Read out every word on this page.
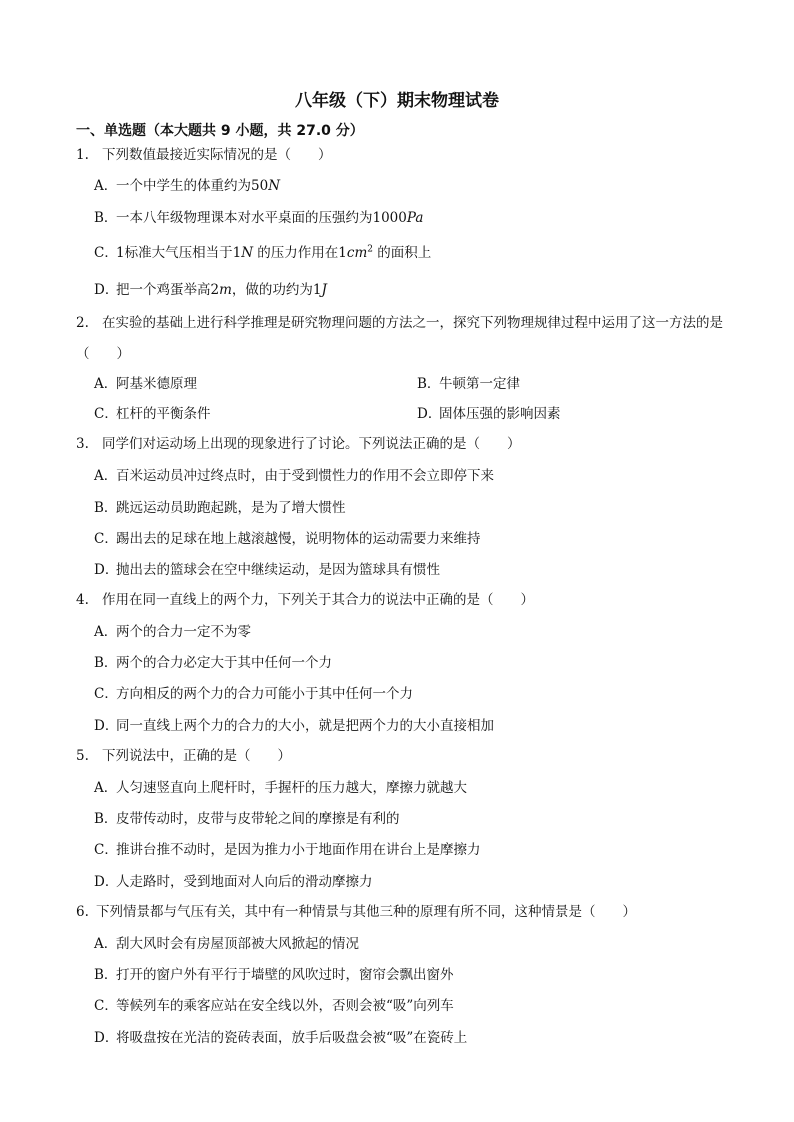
八年级（下）期末物理试卷
一、单选题（本大题共 9 小题，共 27.0 分）
1. 下列数值最接近实际情况的是（　　）
A．一个中学生的体重约为50N
B．一本八年级物理课本对水平桌面的压强约为1000Pa
C．1标准大气压相当于1N 的压力作用在$1cm^2$ 的面积上
D．把一个鸡蛋举高2m，做的功约为1J
2. 在实验的基础上进行科学推理是研究物理问题的方法之一，探究下列物理规律过程中运用了这一方法的是（　　）
A．阿基米德原理	B．牛顿第一定律
C．杠杆的平衡条件	D．固体压强的影响因素
3. 同学们对运动场上出现的现象进行了讨论。下列说法正确的是（　　）
A．百米运动员冲过终点时，由于受到惯性力的作用不会立即停下来
B．跳远运动员助跑起跳，是为了增大惯性
C．踢出去的足球在地上越滚越慢，说明物体的运动需要力来维持
D．抛出去的篮球会在空中继续运动，是因为篮球具有惯性
4. 作用在同一直线上的两个力，下列关于其合力的说法中正确的是（　　）
A．两个的合力一定不为零
B．两个的合力必定大于其中任何一个力
C．方向相反的两个力的合力可能小于其中任何一个力
D．同一直线上两个力的合力的大小，就是把两个力的大小直接相加
5. 下列说法中，正确的是（　　）
A．人匀速竖直向上爬杆时，手握杆的压力越大，摩擦力就越大
B．皮带传动时，皮带与皮带轮之间的摩擦是有利的
C．推讲台推不动时，是因为推力小于地面作用在讲台上是摩擦力
D．人走路时，受到地面对人向后的滑动摩擦力
6. 下列情景都与气压有关，其中有一种情景与其他三种的原理有所不同，这种情景是（　　）
A．刮大风时会有房屋顶部被大风掀起的情况
B．打开的窗户外有平行于墙壁的风吹过时，窗帘会飘出窗外
C．等候列车的乘客应站在安全线以外，否则会被“吸”向列车
D．将吸盘按在光洁的瓷砖表面，放手后吸盘会被“吸”在瓷砖上
